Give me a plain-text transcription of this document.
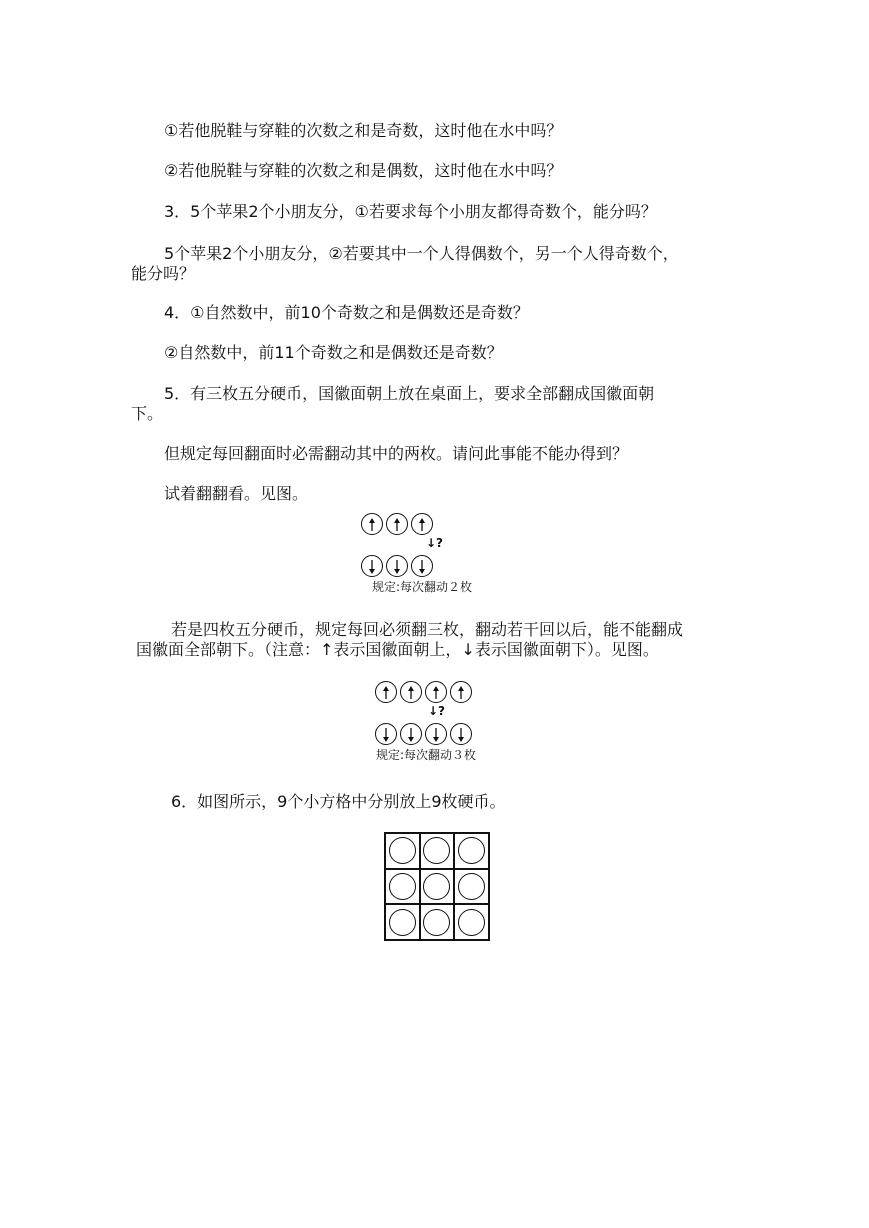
①若他脱鞋与穿鞋的次数之和是奇数，这时他在水中吗？
②若他脱鞋与穿鞋的次数之和是偶数，这时他在水中吗？
3．5个苹果2个小朋友分，①若要求每个小朋友都得奇数个，能分吗？
5个苹果2个小朋友分，②若要其中一个人得偶数个，另一个人得奇数个，
能分吗？
4．①自然数中，前10个奇数之和是偶数还是奇数？
②自然数中，前11个奇数之和是偶数还是奇数？
5．有三枚五分硬币，国徽面朝上放在桌面上，要求全部翻成国徽面朝
下。
但规定每回翻面时必需翻动其中的两枚。请问此事能不能办得到？
试着翻翻看。见图。
↓?
规定:每次翻动２枚
若是四枚五分硬币，规定每回必须翻三枚，翻动若干回以后，能不能翻成
国徽面全部朝下。（注意：↑表示国徽面朝上，↓表示国徽面朝下）。见图。
↓?
规定:每次翻动３枚
6．如图所示，9个小方格中分别放上9枚硬币。
